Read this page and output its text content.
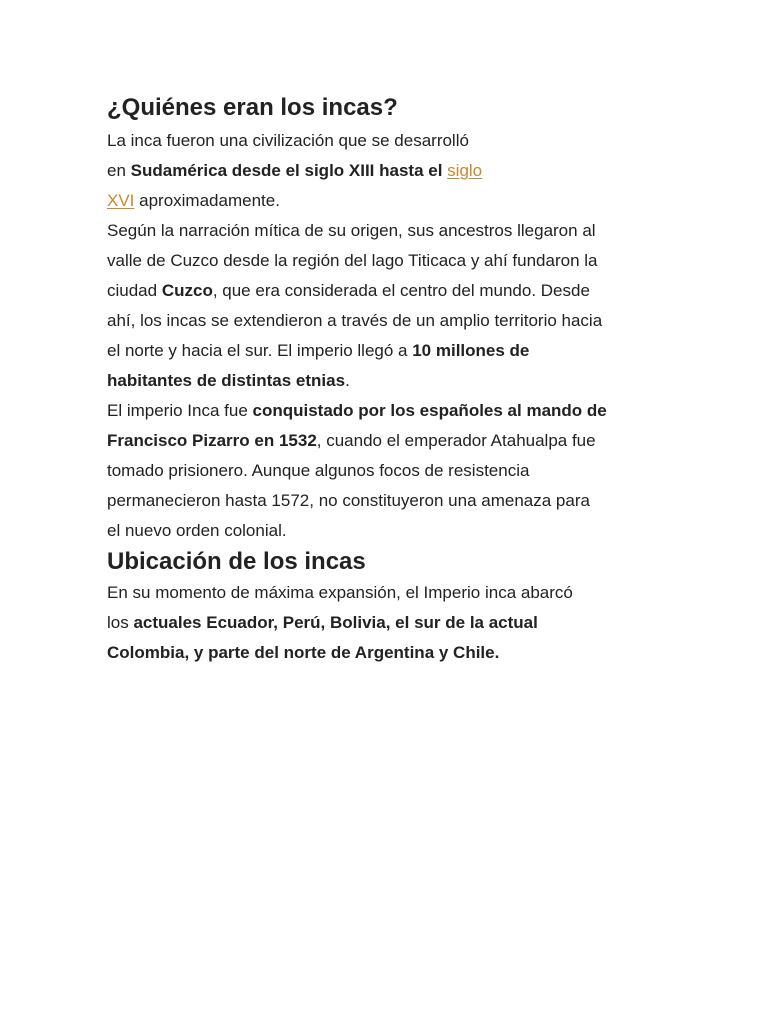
¿Quiénes eran los incas?
La inca fueron una civilización que se desarrolló
en Sudamérica desde el siglo XIII hasta el siglo
XVI aproximadamente.
Según la narración mítica de su origen, sus ancestros llegaron al
valle de Cuzco desde la región del lago Titicaca y ahí fundaron la
ciudad Cuzco, que era considerada el centro del mundo. Desde
ahí, los incas se extendieron a través de un amplio territorio hacia
el norte y hacia el sur. El imperio llegó a 10 millones de
habitantes de distintas etnias.
El imperio Inca fue conquistado por los españoles al mando de
Francisco Pizarro en 1532, cuando el emperador Atahualpa fue
tomado prisionero. Aunque algunos focos de resistencia
permanecieron hasta 1572, no constituyeron una amenaza para
el nuevo orden colonial.
Ubicación de los incas
En su momento de máxima expansión, el Imperio inca abarcó
los actuales Ecuador, Perú, Bolivia, el sur de la actual
Colombia, y parte del norte de Argentina y Chile.
